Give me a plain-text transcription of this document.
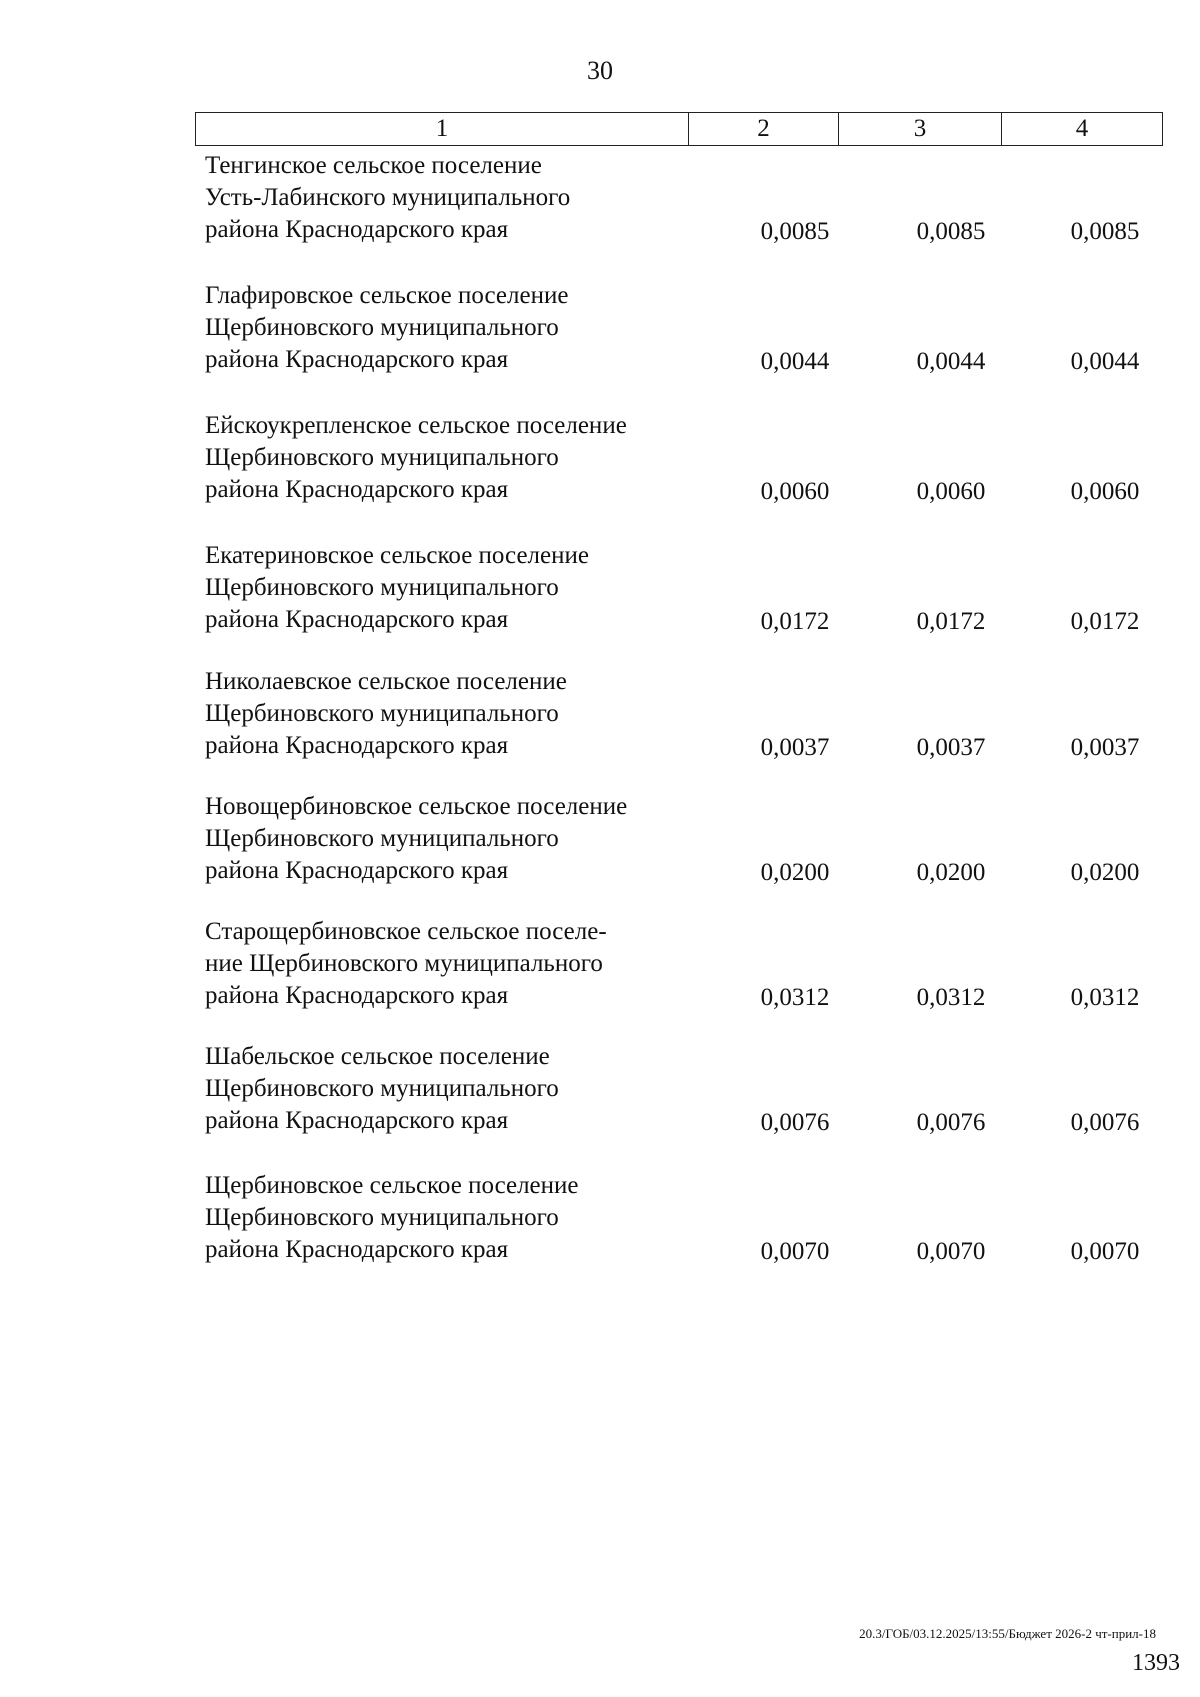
30
1	2	3	4
Тенгинское сельское поселение
Усть-Лабинского муниципального
района Краснодарского края	0,0085	0,0085	0,0085
Глафировское сельское поселение
Щербиновского муниципального
района Краснодарского края	0,0044	0,0044	0,0044
Ейскоукрепленское сельское поселение
Щербиновского муниципального
района Краснодарского края	0,0060	0,0060	0,0060
Екатериновское сельское поселение
Щербиновского муниципального
района Краснодарского края	0,0172	0,0172	0,0172
Николаевское сельское поселение
Щербиновского муниципального
района Краснодарского края	0,0037	0,0037	0,0037
Новощербиновское сельское поселение
Щербиновского муниципального
района Краснодарского края	0,0200	0,0200	0,0200
Старощербиновское сельское поселе-
ние Щербиновского муниципального
района Краснодарского края	0,0312	0,0312	0,0312
Шабельское сельское поселение
Щербиновского муниципального
района Краснодарского края	0,0076	0,0076	0,0076
Щербиновское сельское поселение
Щербиновского муниципального
района Краснодарского края	0,0070	0,0070	0,0070
20.3/ГОБ/03.12.2025/13:55/Бюджет 2026-2 чт-прил-18
1393
